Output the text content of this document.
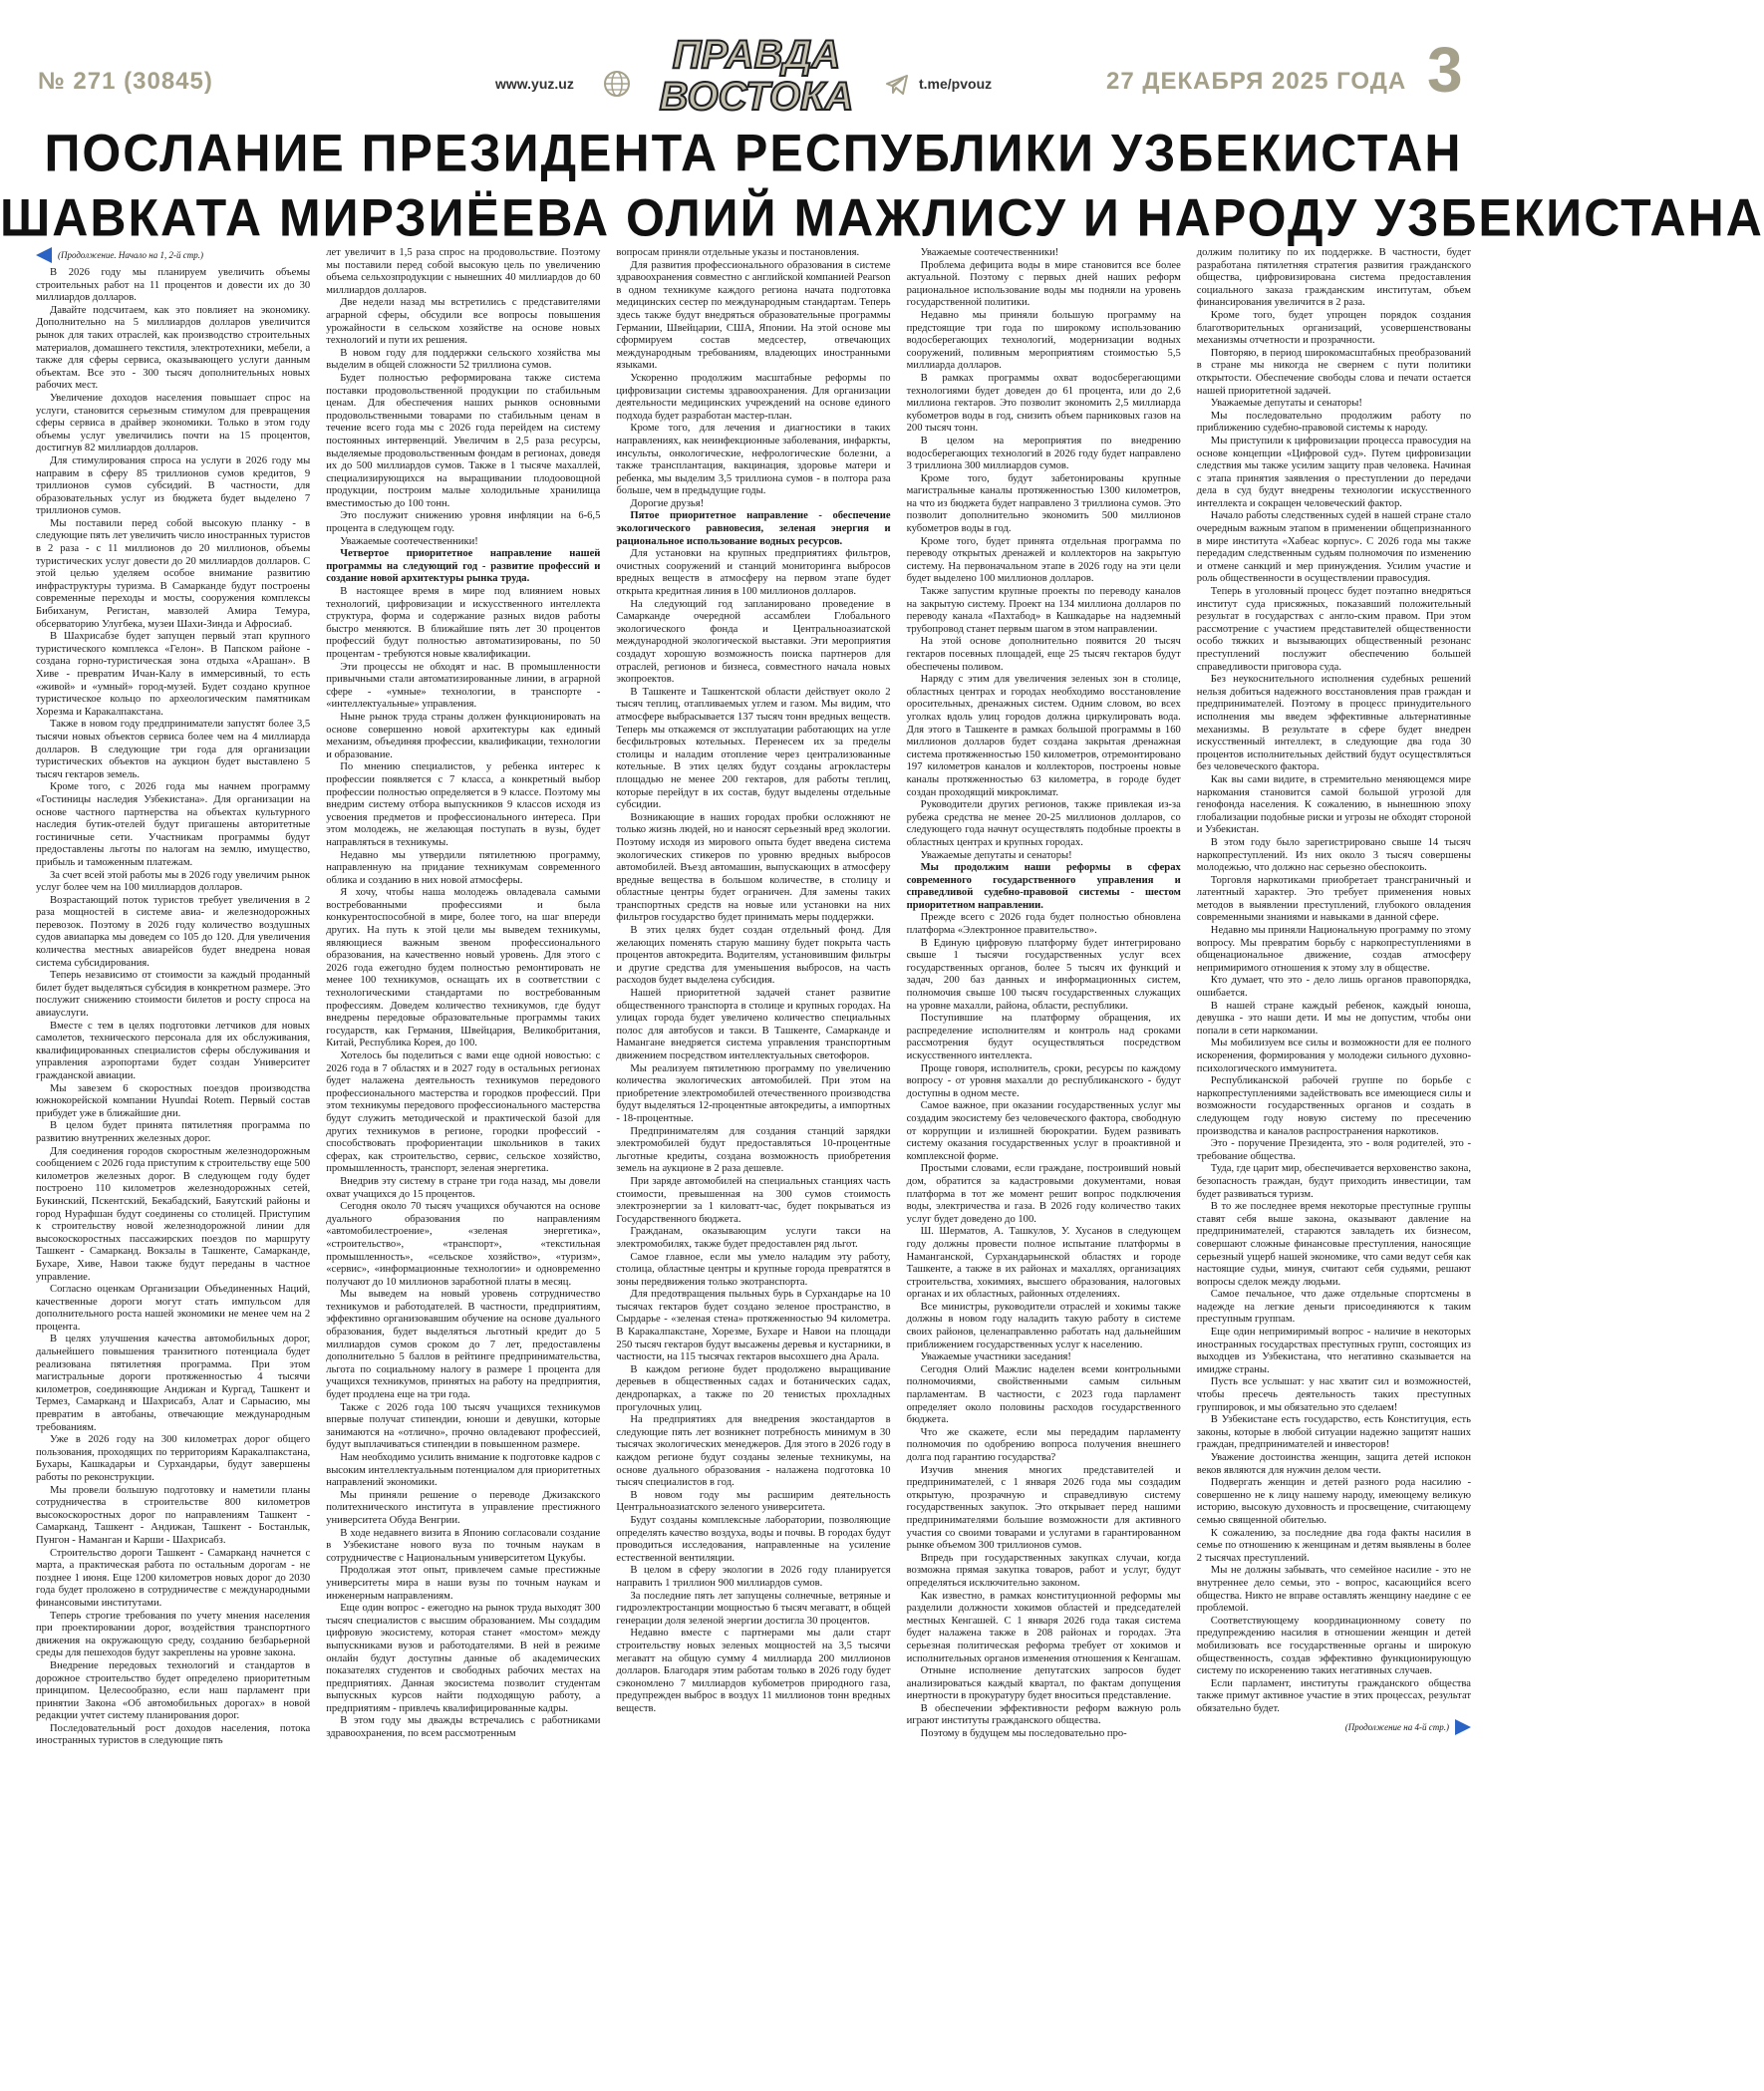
№ 271 (30845)	www.yuz.uz
ПРАВДА
ВОСТОКА	t.me/pvouz	27 ДЕКАБРЯ 2025 ГОДА 3
ПОСЛАНИЕ ПРЕЗИДЕНТА РЕСПУБЛИКИ УЗБЕКИСТАН
ШАВКАТА МИРЗИЁЕВА ОЛИЙ МАЖЛИСУ И НАРОДУ УЗБЕКИСТАНА
(Продолжение. Начало на 1, 2-й стр.)

В 2026 году мы планируем увеличить объемы строительных работ на 11 процентов и довести их до 30 миллиардов долларов.

Давайте подсчитаем, как это повлияет на экономику. Дополнительно на 5 миллиардов долларов увеличится рынок для таких отраслей, как производство строительных материалов, домашнего текстиля, электротехники, мебели, а также для сферы сервиса, оказывающего услуги данным объектам. Все это - 300 тысяч дополнительных новых рабочих мест.

Увеличение доходов населения повышает спрос на услуги, становится серьезным стимулом для превращения сферы сервиса в драйвер экономики. Только в этом году объемы услуг увеличились почти на 15 процентов, достигнув 82 миллиардов долларов.

Для стимулирования спроса на услуги в 2026 году мы направим в сферу 85 триллионов сумов кредитов, 9 триллионов сумов субсидий. В частности, для образовательных услуг из бюджета будет выделено 7 триллионов сумов.

Мы поставили перед собой высокую планку - в следующие пять лет увеличить число иностранных туристов в 2 раза - с 11 миллионов до 20 миллионов, объемы туристических услуг довести до 20 миллиардов долларов. С этой целью уделяем особое внимание развитию инфраструктуры туризма. В Самарканде будут построены современные переходы и мосты, сооружения комплексы Бибиханум, Регистан, мавзолей Амира Темура, обсерваторию Улугбека, музеи Шахи-Зинда и Афросиаб.

В Шахрисабзе будет запущен первый этап крупного туристического комплекса «Гелон». В Папском районе - создана горно-туристическая зона отдыха «Арашан». В Хиве - превратим Ичан-Калу в иммерсивный, то есть «живой» и «умный» город-музей. Будет создано крупное туристическое кольцо по археологическим памятникам Хорезма и Каракалпакстана.

Также в новом году предприниматели запустят более 3,5 тысячи новых объектов сервиса более чем на 4 миллиарда долларов. В следующие три года для организации туристических объектов на аукцион будет выставлено 5 тысяч гектаров земель.

Кроме того, с 2026 года мы начнем программу «Гостиницы наследия Узбекистана». Для организации на основе частного партнерства на объектах культурного наследия бутик-отелей будут пригашены авторитетные гостиничные сети. Участникам программы будут предоставлены льготы по налогам на землю, имущество, прибыль и таможенным платежам.

За счет всей этой работы мы в 2026 году увеличим рынок услуг более чем на 100 миллиардов долларов.

Возрастающий поток туристов требует увеличения в 2 раза мощностей в системе авиа- и железнодорожных перевозок. Поэтому в 2026 году количество воздушных судов авиапарка мы доведем со 105 до 120. Для увеличения количества местных авиарейсов будет внедрена новая система субсидирования.

Теперь независимо от стоимости за каждый проданный билет будет выделяться субсидия в конкретном размере. Это послужит снижению стоимости билетов и росту спроса на авиауслуги.

Вместе с тем в целях подготовки летчиков для новых самолетов, технического персонала для их обслуживания, квалифицированных специалистов сферы обслуживания и управления аэропортами будет создан Университет гражданской авиации.

Мы завезем 6 скоростных поездов производства южнокорейской компании Hyundai Rotem. Первый состав прибудет уже в ближайшие дни.

В целом будет принята пятилетняя программа по развитию внутренних железных дорог.

Для соединения городов скоростным железнодорожным сообщением с 2026 года приступим к строительству еще 500 километров железных дорог. В следующем году будет построено 110 километров железнодорожных сетей, Букинский, Пскентский, Бекабадский, Баяутский районы и город Нурафшан будут соединены со столицей. Приступим к строительству новой железнодорожной линии для высокоскоростных пассажирских поездов по маршруту Ташкент - Самарканд. Вокзалы в Ташкенте, Самарканде, Бухаре, Хиве, Навои также будут переданы в частное управление.

Согласно оценкам Организации Объединенных Наций, качественные дороги могут стать импульсом для дополнительного роста нашей экономики не менее чем на 2 процента.

В целях улучшения качества автомобильных дорог, дальнейшего повышения транзитного потенциала будет реализована пятилетняя программа. При этом магистральные дороги протяженностью 4 тысячи километров, соединяющие Андижан и Кургад, Ташкент и Термез, Самарканд и Шахрисабз, Алат и Сарыасию, мы превратим в автобаны, отвечающие международным требованиям.

Уже в 2026 году на 300 километрах дорог общего пользования, проходящих по территориям Каракалпакстана, Бухары, Кашкадарьи и Сурхандарьи, будут завершены работы по реконструкции.

Мы провели большую подготовку и наметили планы сотрудничества в строительстве 800 километров высокоскоростных дорог по направлениям Ташкент - Самарканд, Ташкент - Андижан, Ташкент - Бостанлык, Пунгон - Наманган и Карши - Шахрисабз.

Строительство дороги Ташкент - Самарканд начнется с марта, а практическая работа по остальным дорогам - не позднее 1 июня. Еще 1200 километров новых дорог до 2030 года будет проложено в сотрудничестве с международными финансовыми институтами.

Теперь строгие требования по учету мнения населения при проектировании дорог, воздействия транспортного движения на окружающую среду, созданию безбарьерной среды для пешеходов будут закреплены на уровне закона.

Внедрение передовых технологий и стандартов в дорожное строительство будет определено приоритетным принципом. Целесообразно, если наш парламент при принятии Закона «Об автомобильных дорогах» в новой редакции учтет систему планирования дорог.

Последовательный рост доходов населения, потока иностранных туристов в следующие пять

лет увеличит в 1,5 раза спрос на продовольствие. Поэтому мы поставили перед собой высокую цель по увеличению объема сельхозпродукции с нынешних 40 миллиардов до 60 миллиардов долларов.

Две недели назад мы встретились с представителями аграрной сферы, обсудили все вопросы повышения урожайности в сельском хозяйстве на основе новых технологий и пути их решения.

В новом году для поддержки сельского хозяйства мы выделим в общей сложности 52 триллиона сумов.

Будет полностью реформирована также система поставки продовольственной продукции по стабильным ценам. Для обеспечения наших рынков основными продовольственными товарами по стабильным ценам в течение всего года мы с 2026 года перейдем на систему постоянных интервенций. Увеличим в 2,5 раза ресурсы, выделяемые продовольственным фондам в регионах, доведя их до 500 миллиардов сумов. Также в 1 тысяче махаллей, специализирующихся на выращивании плодоовощной продукции, построим малые холодильные хранилища вместимостью до 100 тонн.

Это послужит снижению уровня инфляции на 6-6,5 процента в следующем году.

Уважаемые соотечественники!

Четвертое приоритетное направление нашей программы на следующий год - развитие профессий и создание новой архитектуры рынка труда.

В настоящее время в мире под влиянием новых технологий, цифровизации и искусственного интеллекта структура, форма и содержание разных видов работы быстро меняются. В ближайшие пять лет 30 процентов профессий будут полностью автоматизированы, по 50 процентам - требуются новые квалификации.

Эти процессы не обходят и нас. В промышленности привычными стали автоматизированные линии, в аграрной сфере - «умные» технологии, в транспорте - «интеллектуальные» управления.

Ныне рынок труда страны должен функционировать на основе совершенно новой архитектуры как единый механизм, объединяя профессии, квалификации, технологии и образование.

По мнению специалистов, у ребенка интерес к профессии появляется с 7 класса, а конкретный выбор профессии полностью определяется в 9 классе. Поэтому мы внедрим систему отбора выпускников 9 классов исходя из усвоения предметов и профессионального интереса. При этом молодежь, не желающая поступать в вузы, будет направляться в техникумы.

Недавно мы утвердили пятилетнюю программу, направленную на придание техникумам современного облика и созданию в них новой атмосферы.

Я хочу, чтобы наша молодежь овладевала самыми востребованными профессиями и была конкурентоспособной в мире, более того, на шаг впереди других. На путь к этой цели мы выведем техникумы, являющиеся важным звеном профессионального образования, на качественно новый уровень. Для этого с 2026 года ежегодно будем полностью ремонтировать не менее 100 техникумов, оснащать их в соответствии с технологическими стандартами по востребованным профессиям. Доведем количество техникумов, где будут внедрены передовые образовательные программы таких государств, как Германия, Швейцария, Великобритания, Китай, Республика Корея, до 100.

Хотелось бы поделиться с вами еще одной новостью: с 2026 года в 7 областях и в 2027 году в остальных регионах будет налажена деятельность техникумов передового профессионального мастерства и городков профессий. При этом техникумы передового профессионального мастерства будут служить методической и практической базой для других техникумов в регионе, городки профессий - способствовать профориентации школьников в таких сферах, как строительство, сервис, сельское хозяйство, промышленность, транспорт, зеленая энергетика.

Внедрив эту систему в стране три года назад, мы довели охват учащихся до 15 процентов.

Сегодня около 70 тысяч учащихся обучаются на основе дуального образования по направлениям «автомобилестроение», «зеленая энергетика», «строительство», «транспорт», «текстильная промышленность», «сельское хозяйство», «туризм», «сервис», «информационные технологии» и одновременно получают до 10 миллионов заработной платы в месяц.

Мы выведем на новый уровень сотрудничество техникумов и работодателей. В частности, предприятиям, эффективно организовавшим обучение на основе дуального образования, будет выделяться льготный кредит до 5 миллиардов сумов сроком до 7 лет, предоставлены дополнительно 5 баллов в рейтинге предпринимательства, льгота по социальному налогу в размере 1 процента для учащихся техникумов, принятых на работу на предприятия, будет продлена еще на три года.

Также с 2026 года 100 тысяч учащихся техникумов впервые получат стипендии, юноши и девушки, которые занимаются на «отлично», прочно овладевают профессией, будут выплачиваться стипендии в повышенном размере.

Нам необходимо усилить внимание к подготовке кадров с высоким интеллектуальным потенциалом для приоритетных направлений экономики.

Мы приняли решение о переводе Джизакского политехнического института в управление престижного университета Обуда Венгрии.

В ходе недавнего визита в Японию согласовали создание в Узбекистане нового вуза по точным наукам в сотрудничестве с Национальным университетом Цукубы.

Продолжая этот опыт, привлечем самые престижные университеты мира в наши вузы по точным наукам и инженерным направлениям.

Еще один вопрос - ежегодно на рынок труда выходят 300 тысяч специалистов с высшим образованием. Мы создадим цифровую экосистему, которая станет «мостом» между выпускниками вузов и работодателями. В ней в режиме онлайн будут доступны данные об академических показателях студентов и свободных рабочих местах на предприятиях. Данная экосистема позволит студентам выпускных курсов найти подходящую работу, а предприятиям - привлечь квалифицированные кадры.

В этом году мы дважды встречались с работниками здравоохранения, по всем рассмотренным

вопросам приняли отдельные указы и постановления.

Для развития профессионального образования в системе здравоохранения совместно с английской компанией Pearson в одном техникуме каждого региона начата подготовка медицинских сестер по международным стандартам. Теперь здесь также будут внедряться образовательные программы Германии, Швейцарии, США, Японии. На этой основе мы сформируем состав медсестер, отвечающих международным требованиям, владеющих иностранными языками.

Ускоренно продолжим масштабные реформы по цифровизации системы здравоохранения. Для организации деятельности медицинских учреждений на основе единого подхода будет разработан мастер-план.

Кроме того, для лечения и диагностики в таких направлениях, как неинфекционные заболевания, инфаркты, инсульты, онкологические, нефрологические болезни, а также трансплантация, вакцинация, здоровье матери и ребенка, мы выделим 3,5 триллиона сумов - в полтора раза больше, чем в предыдущие годы.

Дорогие друзья!

Пятое приоритетное направление - обеспечение экологического равновесия, зеленая энергия и рациональное использование водных ресурсов.

Для установки на крупных предприятиях фильтров, очистных сооружений и станций мониторинга выбросов вредных веществ в атмосферу на первом этапе будет открыта кредитная линия в 100 миллионов долларов.

На следующий год запланировано проведение в Самарканде очередной ассамблеи Глобального экологического фонда и Центральноазиатской международной экологической выставки. Эти мероприятия создадут хорошую возможность поиска партнеров для отраслей, регионов и бизнеса, совместного начала новых экопроектов.

В Ташкенте и Ташкентской области действует около 2 тысяч теплиц, отапливаемых углем и газом. Мы видим, что атмосфере выбрасывается 137 тысяч тонн вредных веществ. Теперь мы откажемся от эксплуатации работающих на угле бесфильтровых котельных. Перенесем их за пределы столицы и наладим отопление через централизованные котельные. В этих целях будут созданы агрокластеры площадью не менее 200 гектаров, для работы теплиц, которые перейдут в их состав, будут выделены отдельные субсидии.

Возникающие в наших городах пробки осложняют не только жизнь людей, но и наносят серьезный вред экологии. Поэтому исходя из мирового опыта будет введена система экологических стикеров по уровню вредных выбросов автомобилей. Въезд автомашин, выпускающих в атмосферу вредные вещества в большом количестве, в столицу и областные центры будет ограничен. Для замены таких транспортных средств на новые или установки на них фильтров государство будет принимать меры поддержки.

В этих целях будет создан отдельный фонд. Для желающих поменять старую машину будет покрыта часть процентов автокредита. Водителям, установившим фильтры и другие средства для уменьшения выбросов, на часть расходов будет выделена субсидия.

Нашей приоритетной задачей станет развитие общественного транспорта в столице и крупных городах. На улицах города будет увеличено количество специальных полос для автобусов и такси. В Ташкенте, Самарканде и Намангане внедряется система управления транспортным движением посредством интеллектуальных светофоров.

Мы реализуем пятилетнюю программу по увеличению количества экологических автомобилей. При этом на приобретение электромобилей отечественного производства будут выделяться 12-процентные автокредиты, а импортных - 18-процентные.

Предпринимателям для создания станций зарядки электромобилей будут предоставляться 10-процентные льготные кредиты, создана возможность приобретения земель на аукционе в 2 раза дешевле.

При заряде автомобилей на специальных станциях часть стоимости, превышенная на 300 сумов стоимость электроэнергии за 1 киловатт-час, будет покрываться из Государственного бюджета.

Гражданам, оказывающим услуги такси на электромобилях, также будет предоставлен ряд льгот.

Самое главное, если мы умело наладим эту работу, столица, областные центры и крупные города превратятся в зоны передвижения только экотранспорта.

Для предотвращения пыльных бурь в Сурхандарье на 10 тысячах гектаров будет создано зеленое пространство, в Сырдарье - «зеленая стена» протяженностью 94 километра. В Каракалпакстане, Хорезме, Бухаре и Навои на площади 250 тысяч гектаров будут высажены деревья и кустарники, в частности, на 115 тысячах гектаров высохшего дна Арала.

В каждом регионе будет продолжено выращивание деревьев в общественных садах и ботанических садах, дендропарках, а также по 20 тенистых прохладных прогулочных улиц.

На предприятиях для внедрения экостандартов в следующие пять лет возникнет потребность минимум в 30 тысячах экологических менеджеров. Для этого в 2026 году в каждом регионе будут созданы зеленые техникумы, на основе дуального образования - налажена подготовка 10 тысяч специалистов в год.

В новом году мы расширим деятельность Центральноазиатского зеленого университета.

Будут созданы комплексные лаборатории, позволяющие определять качество воздуха, воды и почвы. В городах будут проводиться исследования, направленные на усиление естественной вентиляции.

В целом в сферу экологии в 2026 году планируется направить 1 триллион 900 миллиардов сумов.

За последние пять лет запущены солнечные, ветряные и гидроэлектростанции мощностью 6 тысяч мегаватт, в общей генерации доля зеленой энергии достигла 30 процентов.

Недавно вместе с партнерами мы дали старт строительству новых зеленых мощностей на 3,5 тысячи мегаватт на общую сумму 4 миллиарда 200 миллионов долларов. Благодаря этим работам только в 2026 году будет сэкономлено 7 миллиардов кубометров природного газа, предупрежден выброс в воздух 11 миллионов тонн вредных веществ.

Уважаемые соотечественники!

Проблема дефицита воды в мире становится все более актуальной. Поэтому с первых дней наших реформ рациональное использование воды мы подняли на уровень государственной политики.

Недавно мы приняли большую программу на предстоящие три года по широкому использованию водосберегающих технологий, модернизации водных сооружений, поливным мероприятиям стоимостью 5,5 миллиарда долларов.

В рамках программы охват водосберегающими технологиями будет доведен до 61 процента, или до 2,6 миллиона гектаров. Это позволит экономить 2,5 миллиарда кубометров воды в год, снизить объем парниковых газов на 200 тысяч тонн.

В целом на мероприятия по внедрению водосберегающих технологий в 2026 году будет направлено 3 триллиона 300 миллиардов сумов.

Кроме того, будут забетонированы крупные магистральные каналы протяженностью 1300 километров, на что из бюджета будет направлено 3 триллиона сумов. Это позволит дополнительно экономить 500 миллионов кубометров воды в год.

Кроме того, будет принята отдельная программа по переводу открытых дренажей и коллекторов на закрытую систему. На первоначальном этапе в 2026 году на эти цели будет выделено 100 миллионов долларов.

Также запустим крупные проекты по переводу каналов на закрытую систему. Проект на 134 миллиона долларов по переводу канала «Пахтабод» в Кашкадарье на надземный трубопровод станет первым шагом в этом направлении.

На этой основе дополнительно появится 20 тысяч гектаров посевных площадей, еще 25 тысяч гектаров будут обеспечены поливом.

Наряду с этим для увеличения зеленых зон в столице, областных центрах и городах необходимо восстановление оросительных, дренажных систем. Одним словом, во всех уголках вдоль улиц городов должна циркулировать вода. Для этого в Ташкенте в рамках большой программы в 160 миллионов долларов будет создана закрытая дренажная система протяженностью 150 километров, отремонтировано 197 километров каналов и коллекторов, построены новые каналы протяженностью 63 километра, в городе будет создан проходящий микроклимат.

Руководители других регионов, также привлекая из-за рубежа средства не менее 20-25 миллионов долларов, со следующего года начнут осуществлять подобные проекты в областных центрах и крупных городах.

Уважаемые депутаты и сенаторы!

Мы продолжим наши реформы в сферах современного государственного управления и справедливой судебно-правовой системы - шестом приоритетном направлении.

Прежде всего с 2026 года будет полностью обновлена платформа «Электронное правительство».

В Единую цифровую платформу будет интегрировано свыше 1 тысячи государственных услуг всех государственных органов, более 5 тысяч их функций и задач, 200 баз данных и информационных систем, полномочия свыше 100 тысяч государственных служащих на уровне махалли, района, области, республики.

Поступившие на платформу обращения, их распределение исполнителям и контроль над сроками рассмотрения будут осуществляться посредством искусственного интеллекта.

Проще говоря, исполнитель, сроки, ресурсы по каждому вопросу - от уровня махалли до республиканского - будут доступны в одном месте.

Самое важное, при оказании государственных услуг мы создадим экосистему без человеческого фактора, свободную от коррупции и излишней бюрократии. Будем развивать систему оказания государственных услуг в проактивной и комплексной форме.

Простыми словами, если граждане, построивший новый дом, обратится за кадастровыми документами, новая платформа в тот же момент решит вопрос подключения воды, электричества и газа. В 2026 году количество таких услуг будет доведено до 100.

Ш. Шерматов, А. Ташкулов, У. Хусанов в следующем году должны провести полное испытание платформы в Наманганской, Сурхандарьинской областях и городе Ташкенте, а также в их районах и махаллях, организациях строительства, хокимиях, высшего образования, налоговых органах и их областных, районных отделениях.

Все министры, руководители отраслей и хокимы также должны в новом году наладить такую работу в системе своих районов, целенаправленно работать над дальнейшим приближением государственных услуг к населению.

Уважаемые участники заседания!

Сегодня Олий Мажлис наделен всеми контрольными полномочиями, свойственными самым сильным парламентам. В частности, с 2023 года парламент определяет около половины расходов государственного бюджета.

Что же скажете, если мы передадим парламенту полномочия по одобрению вопроса получения внешнего долга под гарантию государства?

Изучив мнения многих представителей и предпринимателей, с 1 января 2026 года мы создадим открытую, прозрачную и справедливую систему государственных закупок. Это открывает перед нашими предпринимателями большие возможности для активного участия со своими товарами и услугами в гарантированном рынке объемом 300 триллионов сумов.

Впредь при государственных закупках случаи, когда возможна прямая закупка товаров, работ и услуг, будут определяться исключительно законом.

Как известно, в рамках конституционной реформы мы разделили должности хокимов областей и председателей местных Кенгашей. С 1 января 2026 года такая система будет налажена также в 208 районах и городах. Эта серьезная политическая реформа требует от хокимов и исполнительных органов изменения отношения к Кенгашам.

Отныне исполнение депутатских запросов будет анализироваться каждый квартал, по фактам допущения инертности в прокуратуру будет вноситься представление.

В обеспечении эффективности реформ важную роль играют институты гражданского общества.

Поэтому в будущем мы последовательно про-

должим политику по их поддержке. В частности, будет разработана пятилетняя стратегия развития гражданского общества, цифровизирована система предоставления социального заказа гражданским институтам, объем финансирования увеличится в 2 раза.

Кроме того, будет упрощен порядок создания благотворительных организаций, усовершенствованы механизмы отчетности и прозрачности.

Повторяю, в период широкомасштабных преобразований в стране мы никогда не свернем с пути политики открытости. Обеспечение свободы слова и печати остается нашей приоритетной задачей.

Уважаемые депутаты и сенаторы!

Мы последовательно продолжим работу по приближению судебно-правовой системы к народу.

Мы приступили к цифровизации процесса правосудия на основе концепции «Цифровой суд». Путем цифровизации следствия мы также усилим защиту прав человека. Начиная с этапа принятия заявления о преступлении до передачи дела в суд будут внедрены технологии искусственного интеллекта и сокращен человеческий фактор.

Начало работы следственных судей в нашей стране стало очередным важным этапом в применении общепризнанного в мире института «Хабеас корпус». С 2026 года мы также передадим следственным судьям полномочия по изменению и отмене санкций и мер принуждения. Усилим участие и роль общественности в осуществлении правосудия.

Теперь в уголовный процесс будет поэтапно внедряться институт суда присяжных, показавший положительный результат в государствах с англо-ским правом. При этом рассмотрение с участием представителей общественности особо тяжких и вызывающих общественный резонанс преступлений послужит обеспечению большей справедливости приговора суда.

Без неукоснительного исполнения судебных решений нельзя добиться надежного восстановления прав граждан и предпринимателей. Поэтому в процесс принудительного исполнения мы введем эффективные альтернативные механизмы. В результате в сфере будет внедрен искусственный интеллект, в следующие два года 30 процентов исполнительных действий будут осуществляться без человеческого фактора.

Как вы сами видите, в стремительно меняющемся мире наркомания становится самой большой угрозой для генофонда населения. К сожалению, в нынешнюю эпоху глобализации подобные риски и угрозы не обходят стороной и Узбекистан.

В этом году было зарегистрировано свыше 14 тысяч наркопреступлений. Из них около 3 тысяч совершены молодежью, что должно нас серьезно обеспокоить.

Торговля наркотиками приобретает трансграничный и латентный характер. Это требует применения новых методов в выявлении преступлений, глубокого овладения современными знаниями и навыками в данной сфере.

Недавно мы приняли Национальную программу по этому вопросу. Мы превратим борьбу с наркопреступлениями в общенациональное движение, создав атмосферу непримиримого отношения к этому злу в обществе.

Кто думает, что это - дело лишь органов правопорядка, ошибается.

В нашей стране каждый ребенок, каждый юноша, девушка - это наши дети. И мы не допустим, чтобы они попали в сети наркомании.

Мы мобилизуем все силы и возможности для ее полного искоренения, формирования у молодежи сильного духовно-психологического иммунитета.

Республиканской рабочей группе по борьбе с наркопреступлениями задействовать все имеющиеся силы и возможности государственных органов и создать в следующем году новую систему по пресечению производства и каналов распространения наркотиков.

Это - поручение Президента, это - воля родителей, это - требование общества.

Туда, где царит мир, обеспечивается верховенство закона, безопасность граждан, будут приходить инвестиции, там будет развиваться туризм.

В то же последнее время некоторые преступные группы ставят себя выше закона, оказывают давление на предпринимателей, стараются завладеть их бизнесом, совершают сложные финансовые преступления, наносящие серьезный ущерб нашей экономике, что сами ведут себя как настоящие судьи, минуя, считают себя судьями, решают вопросы сделок между людьми.

Самое печальное, что даже отдельные спортсмены в надежде на легкие деньги присоединяются к таким преступным группам.

Еще один непримиримый вопрос - наличие в некоторых иностранных государствах преступных групп, состоящих из выходцев из Узбекистана, что негативно сказывается на имидже страны.

Пусть все услышат: у нас хватит сил и возможностей, чтобы пресечь деятельность таких преступных группировок, и мы обязательно это сделаем!

В Узбекистане есть государство, есть Конституция, есть законы, которые в любой ситуации надежно защитят наших граждан, предпринимателей и инвесторов!

Уважение достоинства женщин, защита детей испокон веков являются для нужчин делом чести.

Подвергать женщин и детей разного рода насилию - совершенно не к лицу нашему народу, имеющему великую историю, высокую духовность и просвещение, считающему семью священной обителью.

К сожалению, за последние два года факты насилия в семье по отношению к женщинам и детям выявлены в более 2 тысячах преступлений.

Мы не должны забывать, что семейное насилие - это не внутреннее дело семьи, это - вопрос, касающийся всего общества. Никто не вправе оставлять женщину наедине с ее проблемой.

Соответствующему координационному совету по предупреждению насилия в отношении женщин и детей мобилизовать все государственные органы и широкую общественность, создав эффективно функционирующую систему по искоренению таких негативных случаев.

Если парламент, институты гражданского общества также примут активное участие в этих процессах, результат обязательно будет.

(Продолжение на 4-й стр.)
